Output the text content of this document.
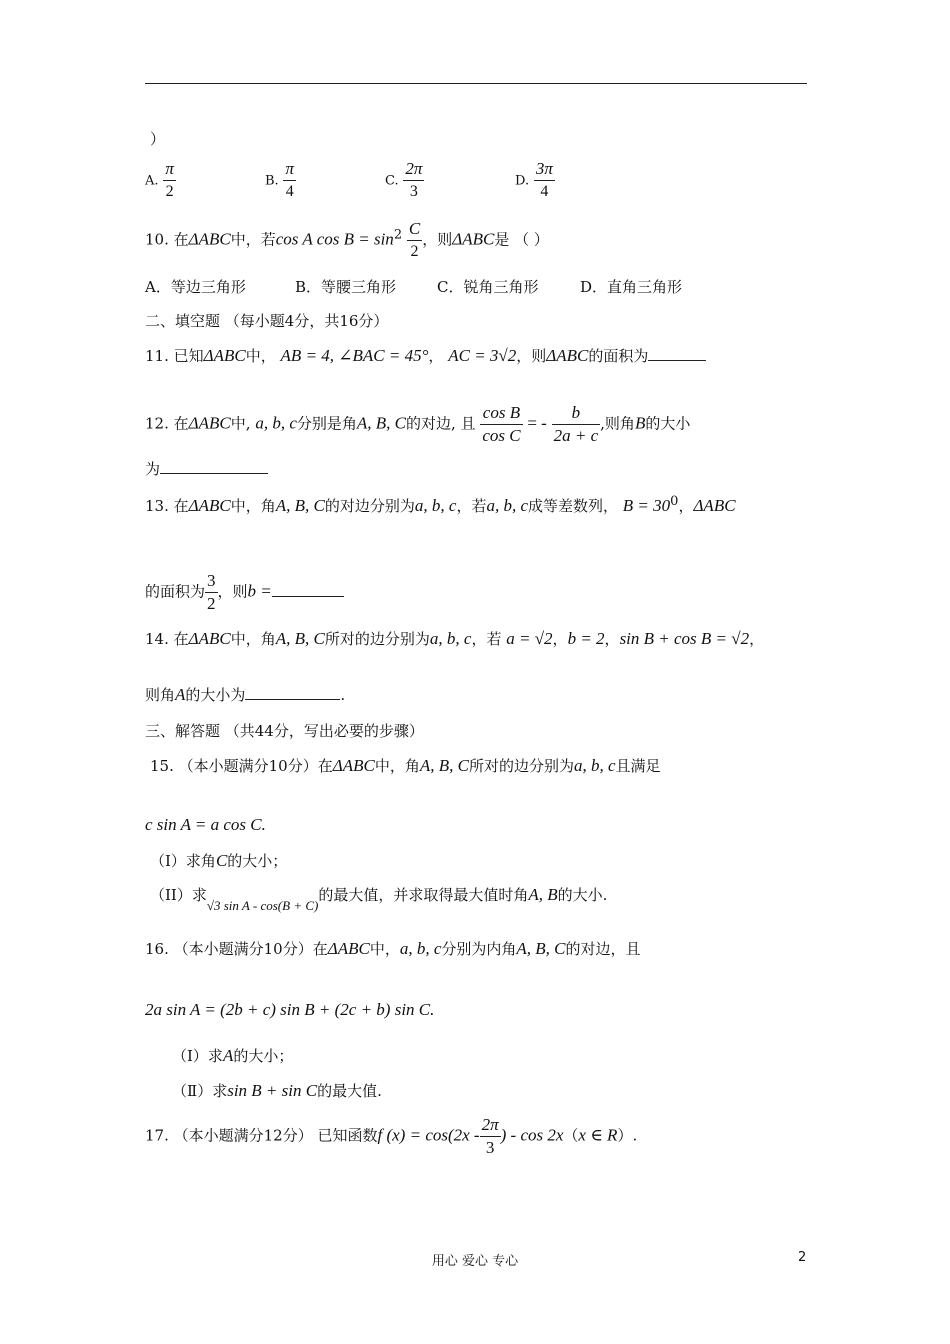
）
A. $\frac{\pi}{2}$	B. $\frac{\pi}{4}$	C. $\frac{2\pi}{3}$	D. $\frac{3\pi}{4}$
10. 在ΔABC中，若cos A $\cos B = \sin^2 \frac{C}{2}$ ，则ΔABC是 （ ）
A．等边三角形	B．等腰三角形	C．锐角三角形	D．直角三角形
二、填空题 （每小题4分，共16分）
11. 已知ΔABC中， AB = 4, ∠BAC = 45°， AC = 3√2，则ΔABC的面积为
12. 在ΔABC中, a, b, c分别是角A, B, C的对边, 且 $\frac{\text{cos B}}{\text{cos C}}$ = - $\frac{b}{2a + c}$ ,则角B的大小
为
13. 在ΔABC中，角A, B, C的对边分别为a, b, c，若a, b, c成等差数列， $B = 30^0$，ΔABC
的面积为 $\frac{3}{2}$ ，则b =
14. 在ΔABC中，角A, B, C所对的边分别为a, b, c，若 a = √2，b = 2，sin B + cos B = √2，
则角A的大小为	.
三、解答题 （共44分，写出必要的步骤）
15. （本小题满分10分）在ΔABC中，角A, B, C所对的边分别为a, b, c且满足
c sin A = a cos C.
（I）求角C的大小；
（II）求√3 sin A - cos(B + C)的最大值，并求取得最大值时角A, B的大小.
16. （本小题满分10分）在ΔABC中，a, b, c分别为内角A, B, C的对边，且
2a sin A = (2b + c) sin B + (2c + b) sin C.
（Ⅰ）求A的大小；
（Ⅱ）求sin B + sin C的最大值.
17. （本小题满分12分） 已知函数f $(x) = \cos(2x - \frac{2\pi}{3}$ ) - cos 2x（x ∈ R）.
用心 爱心 专心	2
